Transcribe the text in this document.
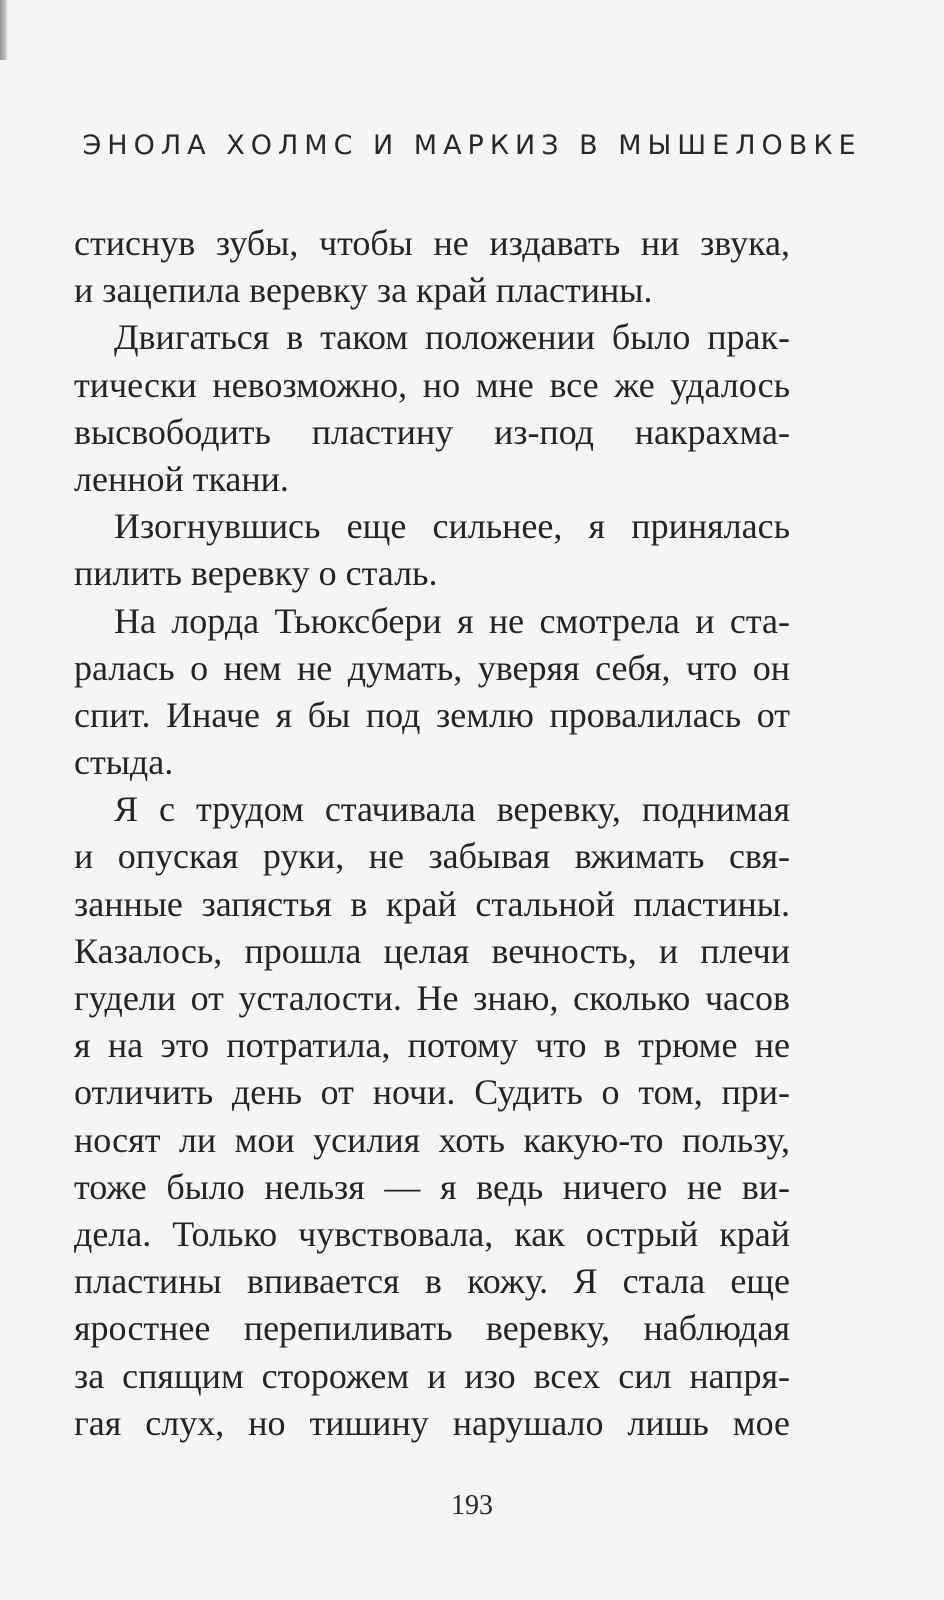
ЭНОЛА ХОЛМС И МАРКИЗ В МЫШЕЛОВКЕ
стиснув зубы, чтобы не издавать ни звука,
и зацепила веревку за край пластины.
Двигаться в таком положении было прак-
тически невозможно, но мне все же удалось
высвободить пластину из-под накрахма-
ленной ткани.
Изогнувшись еще сильнее, я принялась
пилить веревку о сталь.
На лорда Тьюксбери я не смотрела и ста-
ралась о нем не думать, уверяя себя, что он
спит. Иначе я бы под землю провалилась от
стыда.
Я с трудом стачивала веревку, поднимая
и опуская руки, не забывая вжимать свя-
занные запястья в край стальной пластины.
Казалось, прошла целая вечность, и плечи
гудели от усталости. Не знаю, сколько часов
я на это потратила, потому что в трюме не
отличить день от ночи. Судить о том, при-
носят ли мои усилия хоть какую-то пользу,
тоже было нельзя — я ведь ничего не ви-
дела. Только чувствовала, как острый край
пластины впивается в кожу. Я стала еще
яростнее перепиливать веревку, наблюдая
за спящим сторожем и изо всех сил напря-
гая слух, но тишину нарушало лишь мое
193
